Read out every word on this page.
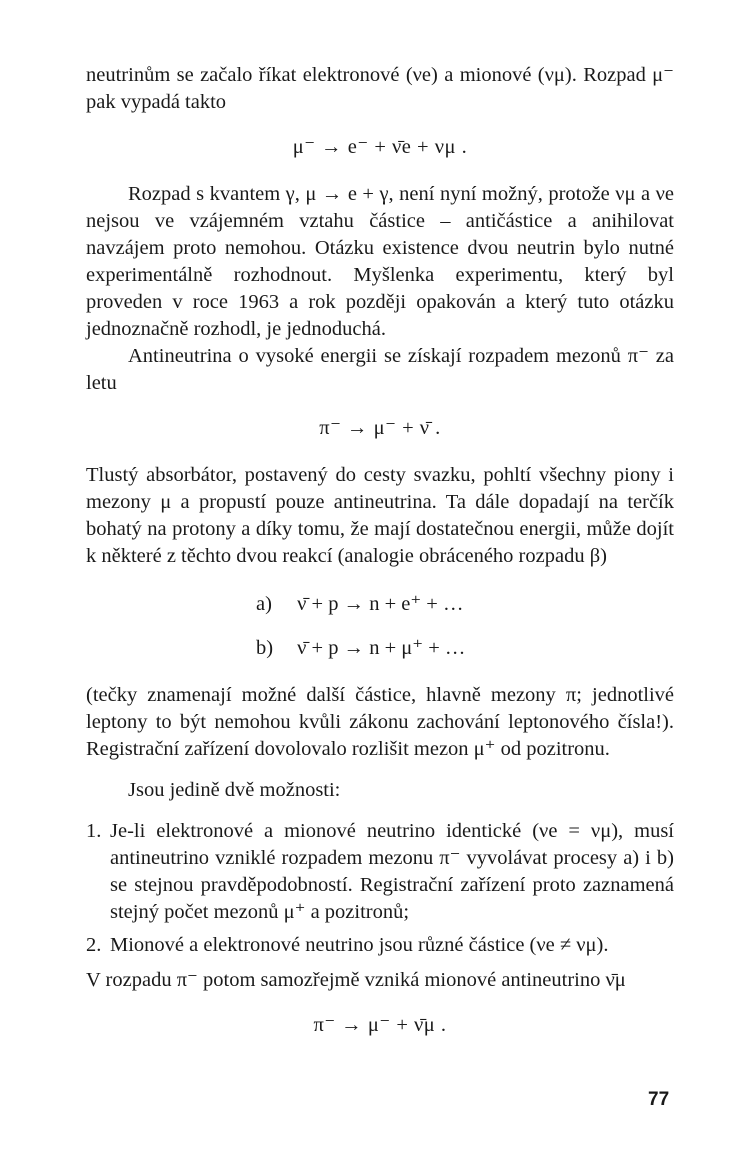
neutrinům se začalo říkat elektronové (νe) a mionové (νμ). Rozpad μ⁻ pak vypadá takto

μ⁻ → e⁻ + ν̄e + νμ .

Rozpad s kvantem γ, μ → e + γ, není nyní možný, protože νμ a νe nejsou ve vzájemném vztahu částice – antičástice a anihilovat navzájem proto nemohou. Otázku existence dvou neutrin bylo nutné experimentálně rozhodnout. Myšlenka experimentu, který byl proveden v roce 1963 a rok později opakován a který tuto otázku jednoznačně rozhodl, je jednoduchá.

Antineutrina o vysoké energii se získají rozpadem mezonů π⁻ za letu

π⁻ → μ⁻ + ν̄ .

Tlustý absorbátor, postavený do cesty svazku, pohltí všechny piony i mezony μ a propustí pouze antineutrina. Ta dále dopadají na terčík bohatý na protony a díky tomu, že mají dostatečnou energii, může dojít k některé z těchto dvou reakcí (analogie obráceného rozpadu β)

a) ν̄ + p → n + e⁺ + …
b) ν̄ + p → n + μ⁺ + …

(tečky znamenají možné další částice, hlavně mezony π; jednotlivé leptony to být nemohou kvůli zákonu zachování leptonového čísla!). Registrační zařízení dovolovalo rozlišit mezon μ⁺ od pozitronu.

Jsou jedině dvě možnosti:

1. Je-li elektronové a mionové neutrino identické (νe = νμ), musí antineutrino vzniklé rozpadem mezonu π⁻ vyvolávat procesy a) i b) se stejnou pravděpodobností. Registrační zařízení proto zaznamená stejný počet mezonů μ⁺ a pozitronů;
2. Mionové a elektronové neutrino jsou různé částice (νe ≠ νμ).

V rozpadu π⁻ potom samozřejmě vzniká mionové antineutrino ν̄μ

π⁻ → μ⁻ + ν̄μ .
77
